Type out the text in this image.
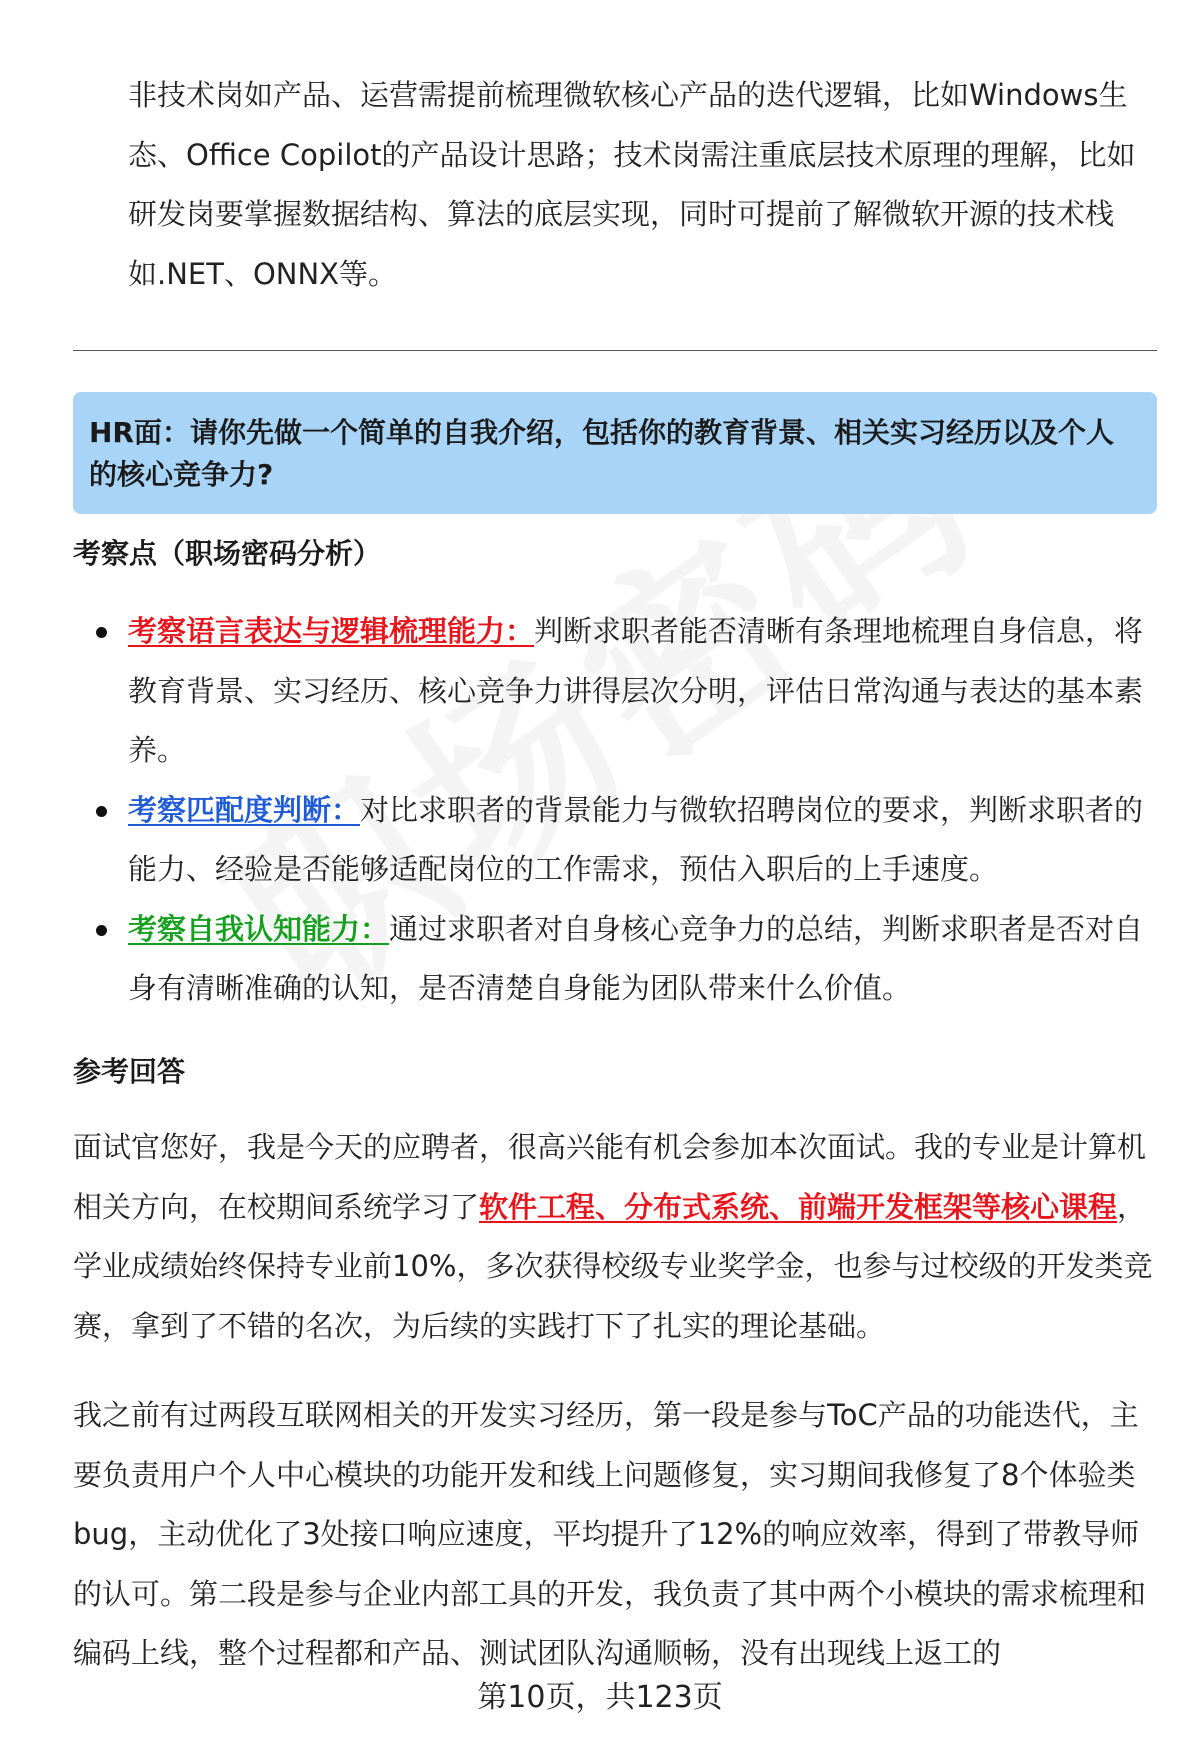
非技术岗如产品、运营需提前梳理微软核心产品的迭代逻辑，比如Windows生态、Office Copilot的产品设计思路；技术岗需注重底层技术原理的理解，比如研发岗要掌握数据结构、算法的底层实现，同时可提前了解微软开源的技术栈如.NET、ONNX等。

HR面：请你先做一个简单的自我介绍，包括你的教育背景、相关实习经历以及个人的核心竞争力?

考察点（职场密码分析）

考察语言表达与逻辑梳理能力：判断求职者能否清晰有条理地梳理自身信息，将教育背景、实习经历、核心竞争力讲得层次分明，评估日常沟通与表达的基本素养。
考察匹配度判断：对比求职者的背景能力与微软招聘岗位的要求，判断求职者的能力、经验是否能够适配岗位的工作需求，预估入职后的上手速度。
考察自我认知能力：通过求职者对自身核心竞争力的总结，判断求职者是否对自身有清晰准确的认知，是否清楚自身能为团队带来什么价值。

参考回答

面试官您好，我是今天的应聘者，很高兴能有机会参加本次面试。我的专业是计算机相关方向，在校期间系统学习了软件工程、分布式系统、前端开发框架等核心课程，学业成绩始终保持专业前10%，多次获得校级专业奖学金，也参与过校级的开发类竞赛，拿到了不错的名次，为后续的实践打下了扎实的理论基础。

我之前有过两段互联网相关的开发实习经历，第一段是参与ToC产品的功能迭代，主要负责用户个人中心模块的功能开发和线上问题修复，实习期间我修复了8个体验类bug，主动优化了3处接口响应速度，平均提升了12%的响应效率，得到了带教导师的认可。第二段是参与企业内部工具的开发，我负责了其中两个小模块的需求梳理和编码上线，整个过程都和产品、测试团队沟通顺畅，没有出现线上返工的

第10页，共123页
